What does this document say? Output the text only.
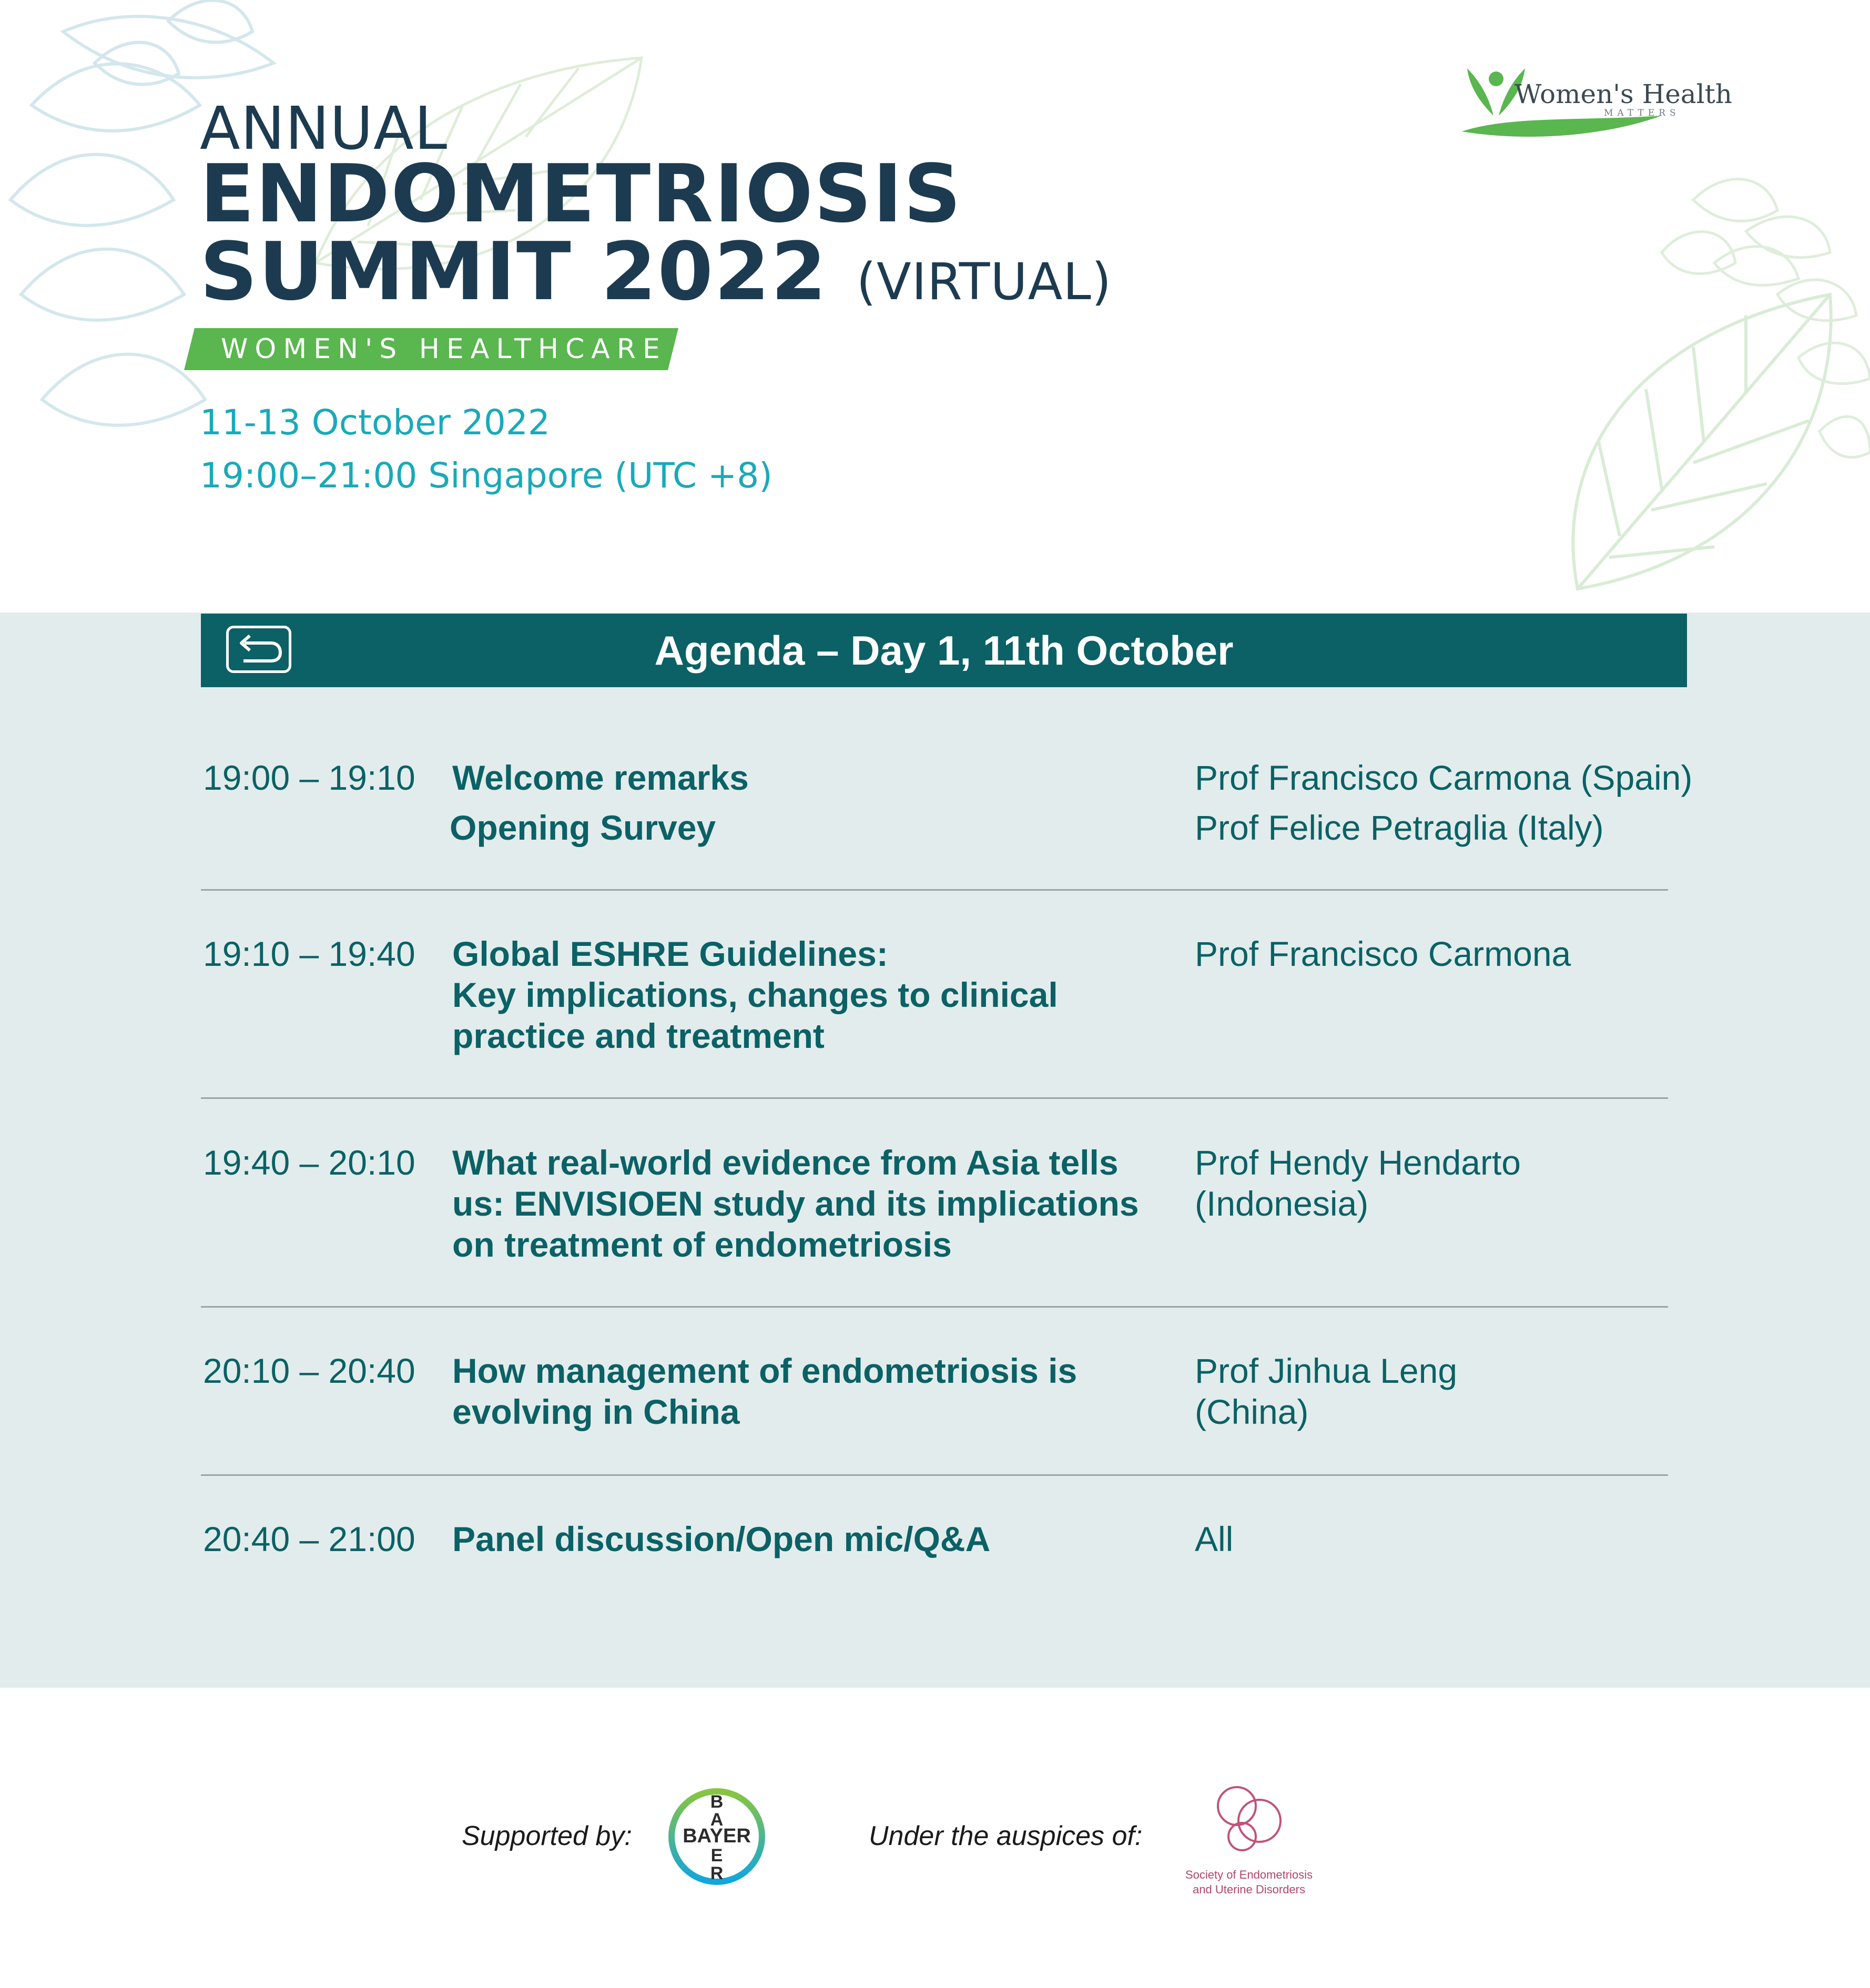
ANNUAL
ENDOMETRIOSIS
SUMMIT 2022 (VIRTUAL)
WOMEN'S HEALTHCARE
11-13 October 2022
19:00–21:00 Singapore (UTC +8)
Women's Health
MATTERS
Agenda – Day 1, 11th October
19:00 – 19:10 Welcome remarks
Opening Survey
Prof Francisco Carmona (Spain)
Prof Felice Petraglia (Italy)
19:10 – 19:40 Global ESHRE Guidelines:
Key implications, changes to clinical
practice and treatment
Prof Francisco Carmona
19:40 – 20:10 What real-world evidence from Asia tells
us: ENVISIOEN study and its implications
on treatment of endometriosis
Prof Hendy Hendarto
(Indonesia)
20:10 – 20:40 How management of endometriosis is
evolving in China
Prof Jinhua Leng
(China)
20:40 – 21:00 Panel discussion/Open mic/Q&A	All
Supported by:	BAYER
B
A
E
R
Under the auspices of:
Society of Endometriosis
and Uterine Disorders
